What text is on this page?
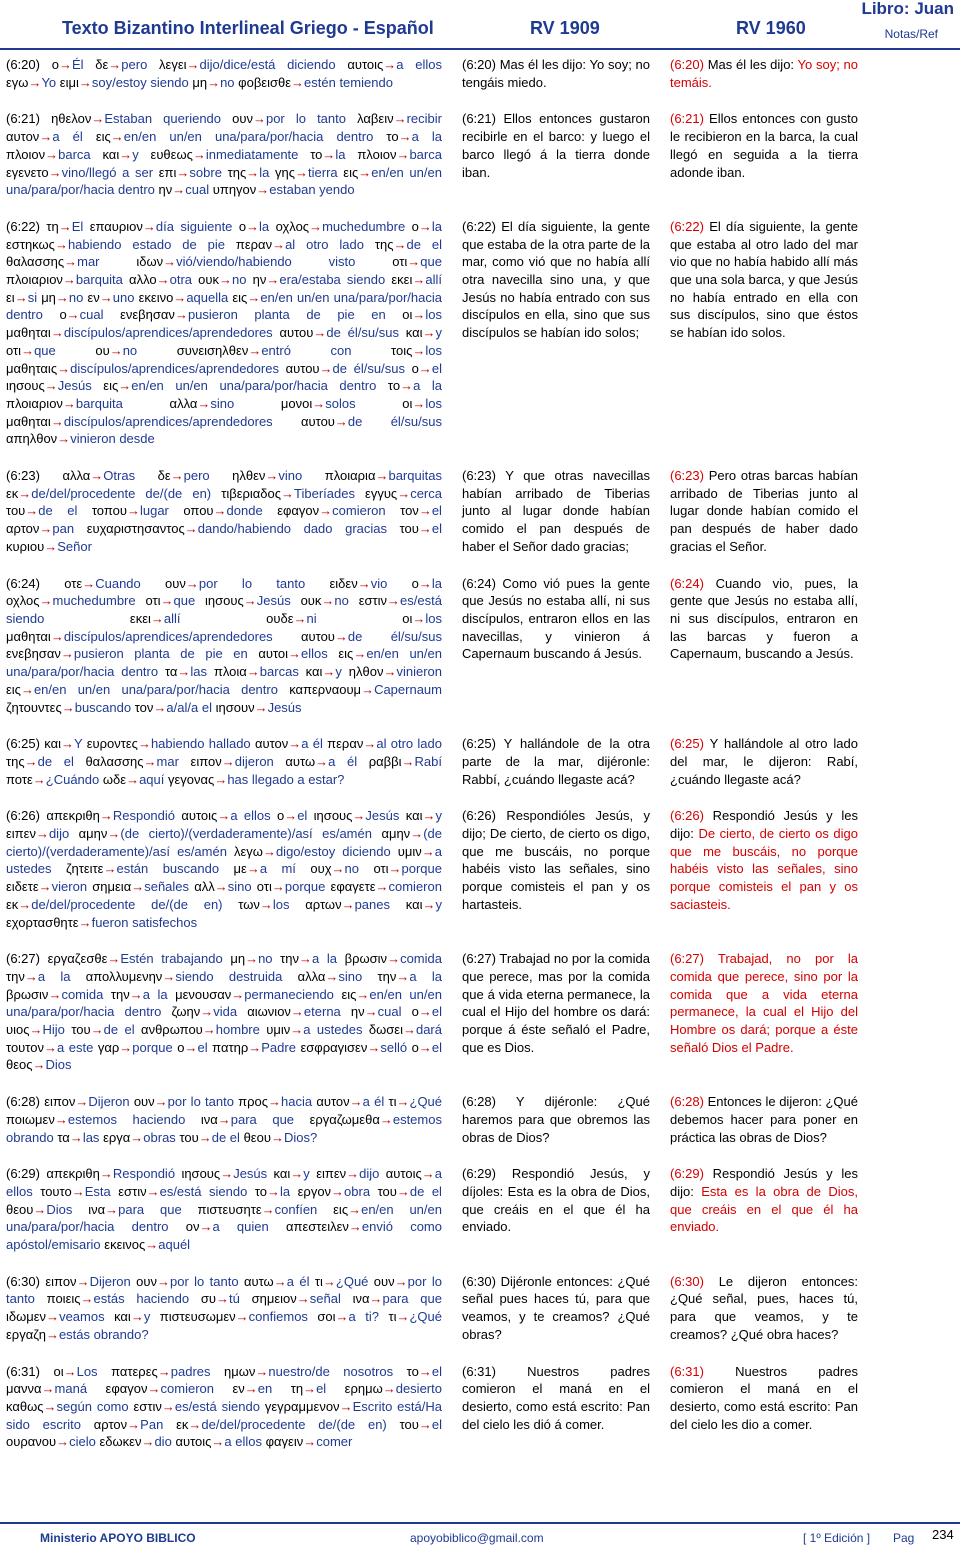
Texto Bizantino Interlineal Griego - Español	RV 1909	RV 1960
Libro: Juan
Notas/Ref
(6:20) ο→Él δε→pero λεγει→dijo/dice/está diciendo αυτοις→a ellos εγω→Yo ειμι→soy/estoy siendo μη→no φοβεισθε→estén temiendo
(6:20) Mas él les dijo: Yo soy; no tengáis miedo.
(6:20) Mas él les dijo: Yo soy; no temáis.
(6:21) ηθελον→Estaban queriendo ουν→por lo tanto λαβειν→recibir αυτον→a él εις→en/en un/en una/para/por/hacia dentro το→a la πλοιον→barca και→y ευθεως→inmediatamente το→la πλοιον→barca εγενετο→vino/llegó a ser επι→sobre της→la γης→tierra εις→en/en un/en una/para/por/hacia dentro ην→cual υπηγον→estaban yendo
(6:21) Ellos entonces gustaron recibirle en el barco: y luego el barco llegó á la tierra donde iban.
(6:21) Ellos entonces con gusto le recibieron en la barca, la cual llegó en seguida a la tierra adonde iban.
(6:22) τη→El επαυριον→día siguiente ο→la οχλος→muchedumbre ο→la εστηκως→habiendo estado de pie περαν→al otro lado της→de el θαλασσης→mar	ιδων→vió/viendo/habiendo visto	οτι→que πλοιαριον→barquita αλλο→otra ουκ→no ην→era/estaba siendo εκει→allí ει→si μη→no εν→uno εκεινο→aquella εις→en/en un/en una/para/por/hacia dentro ο→cual ενεβησαν→pusieron planta de pie en οι→los μαθηται→discípulos/aprendices/aprendedores αυτου→de él/su/sus και→y οτι→que	ου→no	συνεισηλθεν→entró con	τοις→los μαθηταις→discípulos/aprendices/aprendedores αυτου→de él/su/sus ο→el ιησους→Jesús εις→en/en un/en una/para/por/hacia dentro το→a la πλοιαριον→barquita	αλλα→sino	μονοι→solos	οι→los μαθηται→discípulos/aprendices/aprendedores αυτου→de él/su/sus απηλθον→vinieron desde
(6:22) El día siguiente, la gente que estaba de la otra parte de la mar, como vió que no había allí otra navecilla sino una, y que Jesús no había entrado con sus discípulos en ella, sino que sus discípulos se habían ido solos;
(6:22) El día siguiente, la gente que estaba al otro lado del mar vio que no había habido allí más que una sola barca, y que Jesús no había entrado en ella con sus discípulos, sino que éstos se habían ido solos.
(6:23) αλλα→Otras δε→pero ηλθεν→vino πλοιαρια→barquitas εκ→de/del/procedente de/(de en) τιβεριαδος→Tiberíades εγγυς→cerca του→de el τοπου→lugar οπου→donde εφαγον→comieron τον→el αρτον→pan ευχαριστησαντος→dando/habiendo dado gracias του→el κυριου→Señor
(6:23) Y que otras navecillas habían arribado de Tiberias junto al lugar donde habían comido el pan después de haber el Señor dado gracias;
(6:23) Pero otras barcas habían arribado de Tiberias junto al lugar donde habían comido el pan después de haber dado gracias el Señor.
(6:24) οτε→Cuando ουν→por lo tanto ειδεν→vio ο→la οχλος→muchedumbre οτι→que ιησους→Jesús ουκ→no εστιν→es/está siendo	εκει→allí	ουδε→ni	οι→los μαθηται→discípulos/aprendices/aprendedores αυτου→de él/su/sus ενεβησαν→pusieron planta de pie en αυτοι→ellos εις→en/en un/en una/para/por/hacia dentro τα→las πλοια→barcas και→y ηλθον→vinieron εις→en/en un/en una/para/por/hacia dentro καπερναουμ→Capernaum ζητουντες→buscando τον→a/al/a el ιησουν→Jesús
(6:24) Como vió pues la gente que Jesús no estaba allí, ni sus discípulos, entraron ellos en las navecillas, y vinieron á Capernaum buscando á Jesús.
(6:24) Cuando vio, pues, la gente que Jesús no estaba allí, ni sus discípulos, entraron en las barcas y fueron a Capernaum, buscando a Jesús.
(6:25) και→Y ευροντες→habiendo hallado αυτον→a él περαν→al otro lado της→de el θαλασσης→mar ειπον→dijeron αυτω→a él ραββι→Rabí ποτε→¿Cuándo ωδε→aquí γεγονας→has llegado a estar?
(6:25) Y hallándole de la otra parte de la mar, dijéronle: Rabbí, ¿cuándo llegaste acá?
(6:25) Y hallándole al otro lado del mar, le dijeron: Rabí, ¿cuándo llegaste acá?
(6:26) απεκριθη→Respondió αυτοις→a ellos ο→el ιησους→Jesús και→y ειπεν→dijo αμην→(de cierto)/(verdaderamente)/así es/amén αμην→(de cierto)/(verdaderamente)/así es/amén λεγω→digo/estoy diciendo υμιν→a ustedes ζητειτε→están buscando με→a mí ουχ→no οτι→porque ειδετε→vieron σημεια→señales αλλ→sino οτι→porque εφαγετε→comieron εκ→de/del/procedente de/(de en) των→los αρτων→panes και→y εχορτασθητε→fueron satisfechos
(6:26) Respondióles Jesús, y dijo; De cierto, de cierto os digo, que me buscáis, no porque habéis visto las señales, sino porque comisteis el pan y os hartasteis.
(6:26) Respondió Jesús y les dijo: De cierto, de cierto os digo que me buscáis, no porque habéis visto las señales, sino porque comisteis el pan y os saciasteis.
(6:27) εργαζεσθε→Estén trabajando μη→no την→a la βρωσιν→comida την→a la απολλυμενην→siendo destruida αλλα→sino την→a la βρωσιν→comida την→a la μενουσαν→permaneciendo εις→en/en un/en una/para/por/hacia dentro ζωην→vida αιωνιον→eterna ην→cual ο→el υιος→Hijo του→de el ανθρωπου→hombre υμιν→a ustedes δωσει→dará τουτον→a este γαρ→porque ο→el πατηρ→Padre εσφραγισεν→selló ο→el θεος→Dios
(6:27) Trabajad no por la comida que perece, mas por la comida que á vida eterna permanece, la cual el Hijo del hombre os dará: porque á éste señaló el Padre, que es Dios.
(6:27) Trabajad, no por la comida que perece, sino por la comida que a vida eterna permanece, la cual el Hijo del Hombre os dará; porque a éste señaló Dios el Padre.
(6:28) ειπον→Dijeron ουν→por lo tanto προς→hacia αυτον→a él τι→¿Qué ποιωμεν→estemos haciendo ινα→para que εργαζωμεθα→estemos obrando τα→las εργα→obras του→de el θεου→Dios?
(6:28) Y dijéronle: ¿Qué haremos para que obremos las obras de Dios?
(6:28) Entonces le dijeron: ¿Qué debemos hacer para poner en práctica las obras de Dios?
(6:29) απεκριθη→Respondió ιησους→Jesús και→y ειπεν→dijo αυτοις→a ellos τουτο→Esta εστιν→es/está siendo το→la εργον→obra του→de el θεου→Dios ινα→para que πιστευσητε→confíen εις→en/en un/en una/para/por/hacia dentro ον→a quien απεστειλεν→envió como apóstol/emisario εκεινος→aquél
(6:29) Respondió Jesús, y díjoles: Esta es la obra de Dios, que creáis en el que él ha enviado.
(6:29) Respondió Jesús y les dijo: Esta es la obra de Dios, que creáis en el que él ha enviado.
(6:30) ειπον→Dijeron ουν→por lo tanto αυτω→a él τι→¿Qué ουν→por lo tanto ποιεις→estás haciendo συ→tú σημειον→señal ινα→para que ιδωμεν→veamos και→y πιστευσωμεν→confiemos σοι→a ti? τι→¿Qué εργαζη→estás obrando?
(6:30) Dijéronle entonces: ¿Qué señal pues haces tú, para que veamos, y te creamos? ¿Qué obras?
(6:30) Le dijeron entonces: ¿Qué señal, pues, haces tú, para que veamos, y te creamos? ¿Qué obra haces?
(6:31) οι→Los πατερες→padres ημων→nuestro/de nosotros το→el μαννα→maná εφαγον→comieron εν→en τη→el ερημω→desierto καθως→según como εστιν→es/está siendo γεγραμμενον→Escrito está/Ha sido escrito αρτον→Pan εκ→de/del/procedente de/(de en) του→el ουρανου→cielo εδωκεν→dio αυτοις→a ellos φαγειν→comer
(6:31) Nuestros padres comieron el maná en el desierto, como está escrito: Pan del cielo les dió á comer.
(6:31) Nuestros padres comieron el maná en el desierto, como está escrito: Pan del cielo les dio a comer.
Ministerio APOYO BIBLICO	apoyobiblico@gmail.com	[ 1º Edición ] Pag 234
